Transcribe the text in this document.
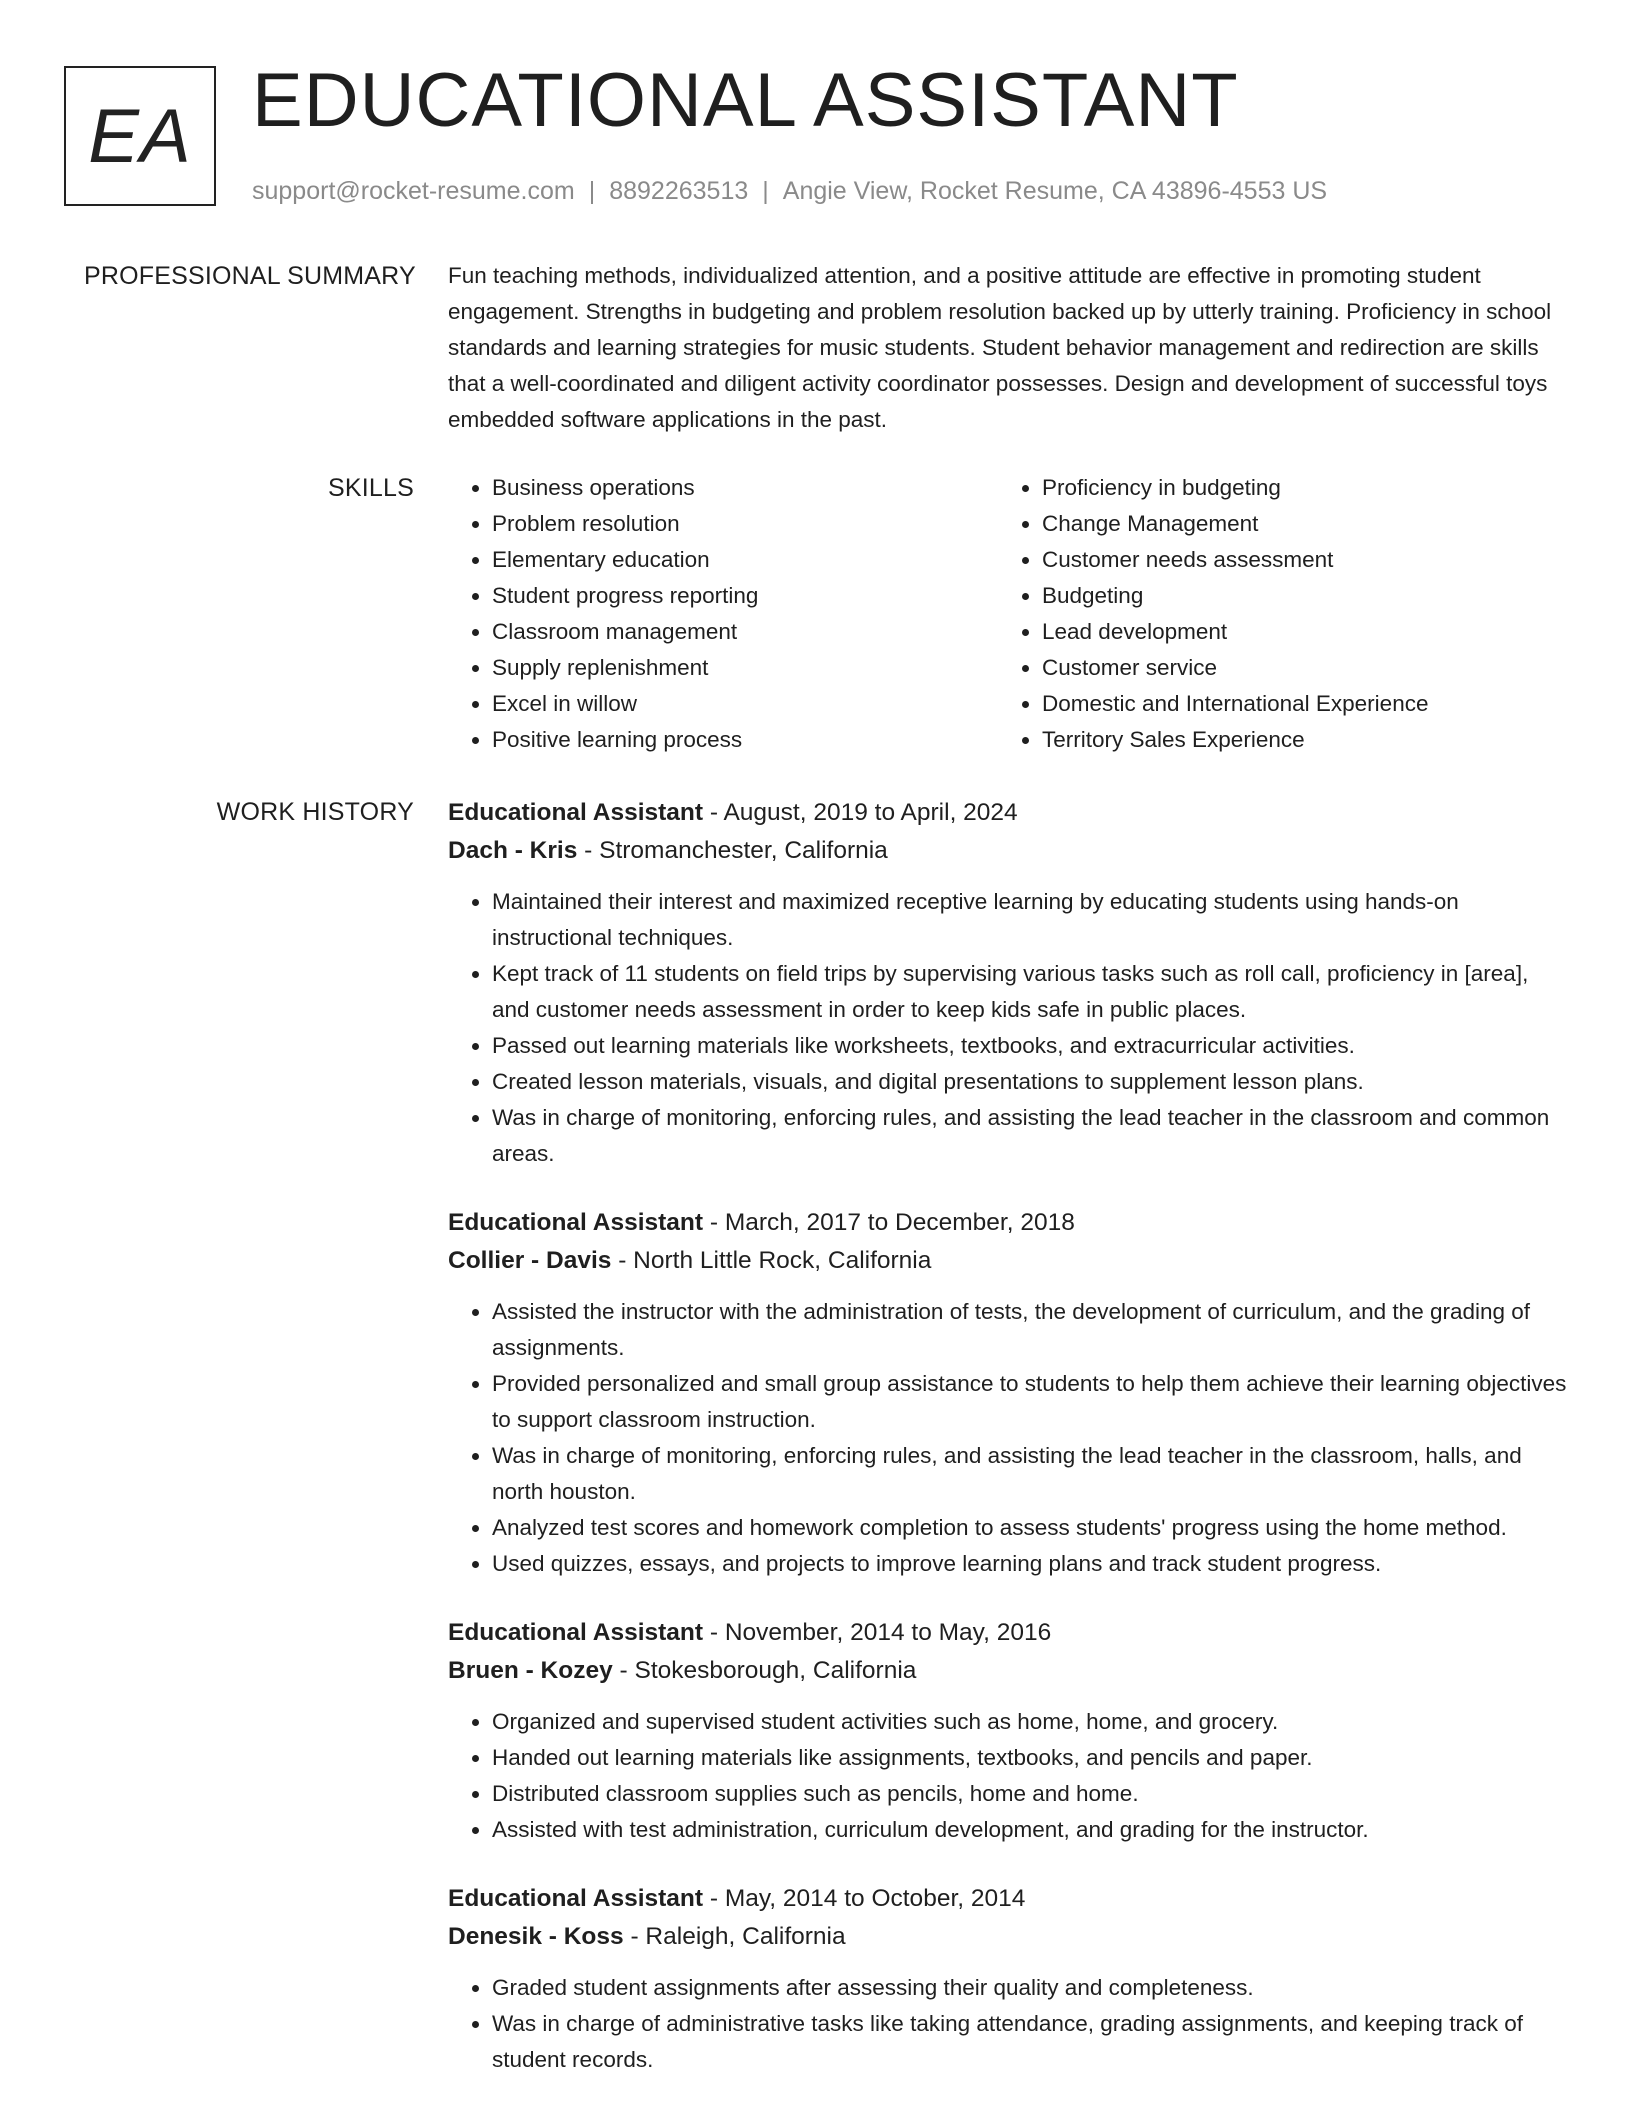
EA EDUCATIONAL ASSISTANT
support@rocket-resume.com | 8892263513 | Angie View, Rocket Resume, CA 43896-4553 US
PROFESSIONAL SUMMARY Fun teaching methods, individualized attention, and a positive attitude are effective in promoting student engagement. Strengths in budgeting and problem resolution backed up by utterly training. Proficiency in school standards and learning strategies for music students. Student behavior management and redirection are skills that a well-coordinated and diligent activity coordinator possesses. Design and development of successful toys embedded software applications in the past.

SKILLS
•	Business operations
• Problem resolution
• Elementary education
• Student progress reporting
• Classroom management
• Supply replenishment
• Excel in willow
• Positive learning process
• Proficiency in budgeting
• Change Management
• Customer needs assessment
• Budgeting
• Lead development
• Customer service
• Domestic and International Experience
• Territory Sales Experience
WORK HISTORY Educational Assistant - August, 2019 to April, 2024
Dach - Kris - Stromanchester, California
• Maintained their interest and maximized receptive learning by educating students using hands-on instructional techniques.
• Kept track of 11 students on field trips by supervising various tasks such as roll call, proficiency in [area], and customer needs assessment in order to keep kids safe in public places.
• Passed out learning materials like worksheets, textbooks, and extracurricular activities.
• Created lesson materials, visuals, and digital presentations to supplement lesson plans.
• Was in charge of monitoring, enforcing rules, and assisting the lead teacher in the classroom and common areas.
Educational Assistant - March, 2017 to December, 2018
Collier - Davis - North Little Rock, California
• Assisted the instructor with the administration of tests, the development of curriculum, and the grading of assignments.
• Provided personalized and small group assistance to students to help them achieve their learning objectives to support classroom instruction.
• Was in charge of monitoring, enforcing rules, and assisting the lead teacher in the classroom, halls, and north houston.
• Analyzed test scores and homework completion to assess students' progress using the home method.
• Used quizzes, essays, and projects to improve learning plans and track student progress.
Educational Assistant - November, 2014 to May, 2016
Bruen - Kozey - Stokesborough, California
• Organized and supervised student activities such as home, home, and grocery.
• Handed out learning materials like assignments, textbooks, and pencils and paper.
• Distributed classroom supplies such as pencils, home and home.
• Assisted with test administration, curriculum development, and grading for the instructor.
Educational Assistant - May, 2014 to October, 2014
Denesik - Koss - Raleigh, California
• Graded student assignments after assessing their quality and completeness.
• Was in charge of administrative tasks like taking attendance, grading assignments, and keeping track of student records.
